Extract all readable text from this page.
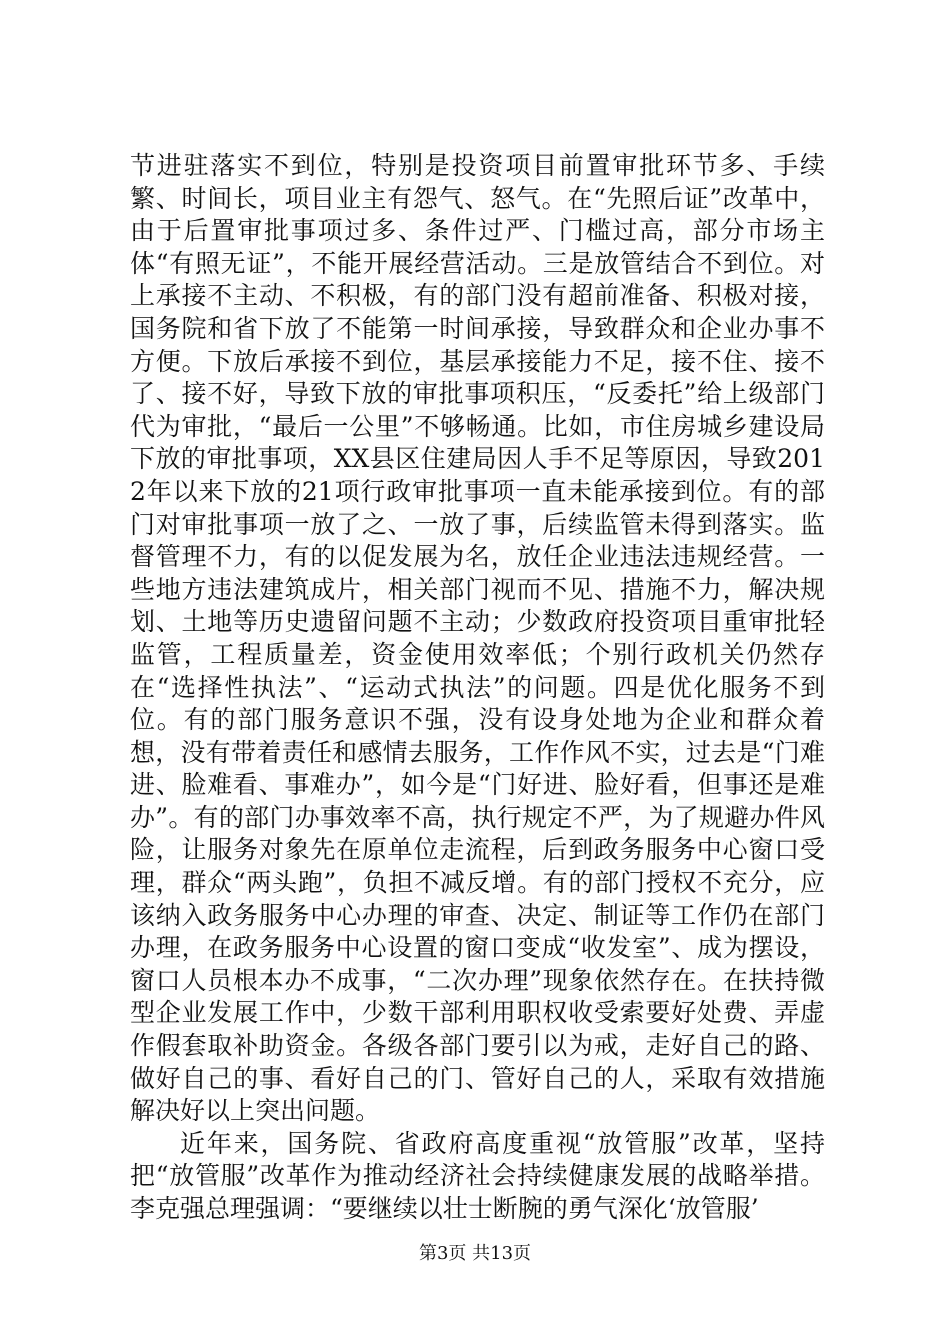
节进驻落实不到位，特别是投资项目前置审批环节多、手续繁、时间长，项目业主有怨气、怒气。在“先照后证”改革中，由于后置审批事项过多、条件过严、门槛过高，部分市场主体“有照无证”，不能开展经营活动。三是放管结合不到位。对上承接不主动、不积极，有的部门没有超前准备、积极对接，国务院和省下放了不能第一时间承接，导致群众和企业办事不方便。下放后承接不到位，基层承接能力不足，接不住、接不了、接不好，导致下放的审批事项积压，“反委托”给上级部门代为审批，“最后一公里”不够畅通。比如，市住房城乡建设局下放的审批事项，XX县区住建局因人手不足等原因，导致2012年以来下放的21项行政审批事项一直未能承接到位。有的部门对审批事项一放了之、一放了事，后续监管未得到落实。监督管理不力，有的以促发展为名，放任企业违法违规经营。一些地方违法建筑成片，相关部门视而不见、措施不力，解决规划、土地等历史遗留问题不主动；少数政府投资项目重审批轻监管，工程质量差，资金使用效率低；个别行政机关仍然存在“选择性执法”、“运动式执法”的问题。四是优化服务不到位。有的部门服务意识不强，没有设身处地为企业和群众着想，没有带着责任和感情去服务，工作作风不实，过去是“门难进、脸难看、事难办”，如今是“门好进、脸好看，但事还是难办”。有的部门办事效率不高，执行规定不严，为了规避办件风险，让服务对象先在原单位走流程，后到政务服务中心窗口受理，群众“两头跑”，负担不减反增。有的部门授权不充分，应该纳入政务服务中心办理的审查、决定、制证等工作仍在部门办理，在政务服务中心设置的窗口变成“收发室”、成为摆设，窗口人员根本办不成事，“二次办理”现象依然存在。在扶持微型企业发展工作中，少数干部利用职权收受索要好处费、弄虚作假套取补助资金。各级各部门要引以为戒，走好自己的路、做好自己的事、看好自己的门、管好自己的人，采取有效措施解决好以上突出问题。

近年来，国务院、省政府高度重视“放管服”改革，坚持把“放管服”改革作为推动经济社会持续健康发展的战略举措。李克强总理强调：“要继续以壮士断腕的勇气深化‘放管服’

第3页 共13页
